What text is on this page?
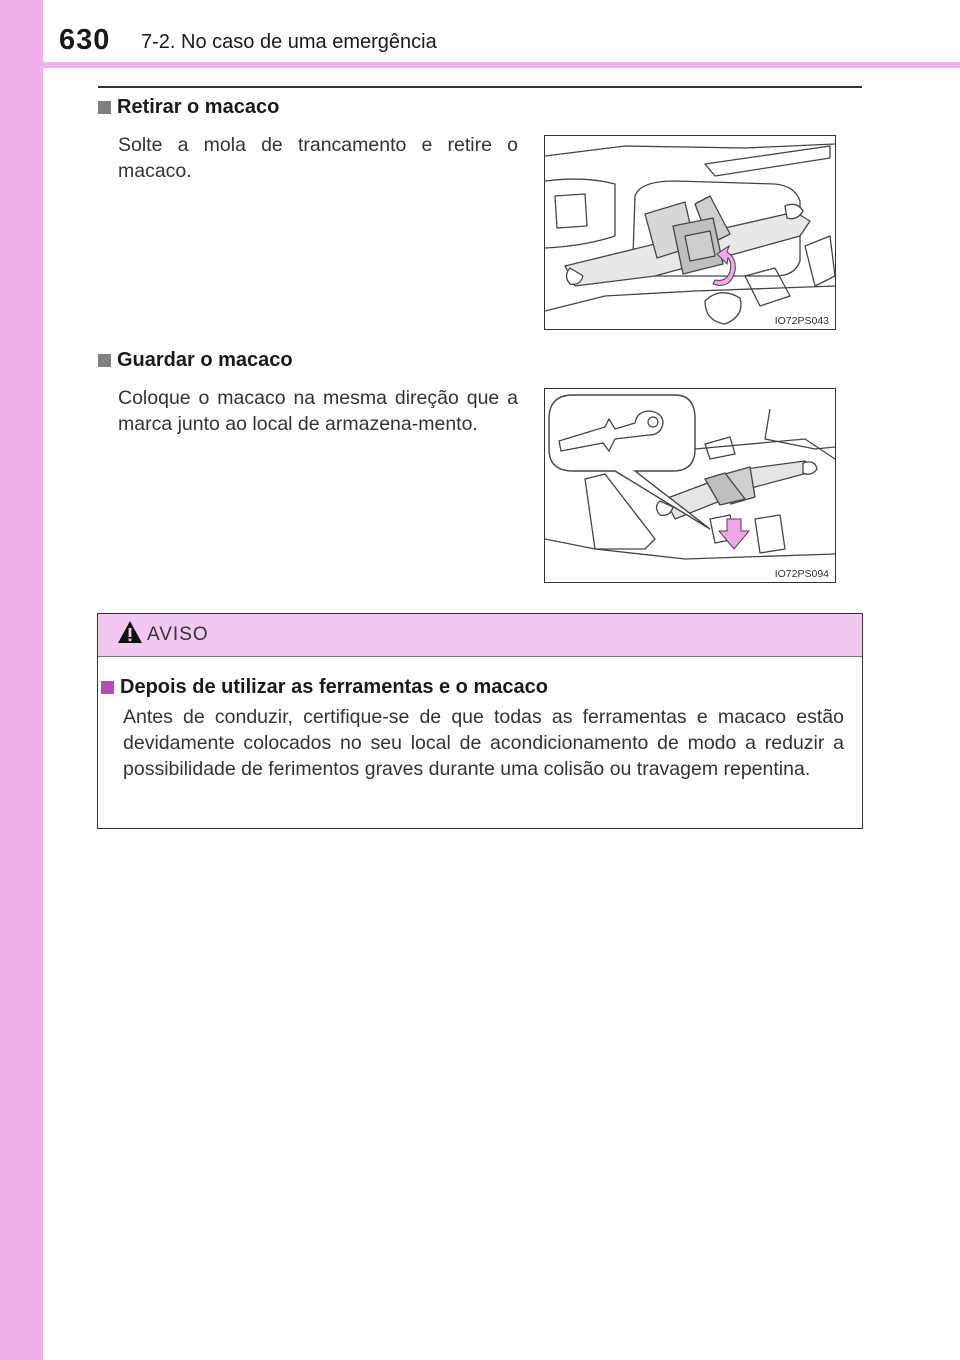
630 7-2. No caso de uma emergência
Retirar o macaco
Solte a mola de trancamento e retire o macaco.
IO72PS043
Guardar o macaco
Coloque o macaco na mesma direção que a marca junto ao local de armazena-mento.
IO72PS094
AVISO
Depois de utilizar as ferramentas e o macaco
Antes de conduzir, certifique-se de que todas as ferramentas e macaco estão devidamente colocados no seu local de acondicionamento de modo a reduzir a possibilidade de ferimentos graves durante uma colisão ou travagem repentina.
